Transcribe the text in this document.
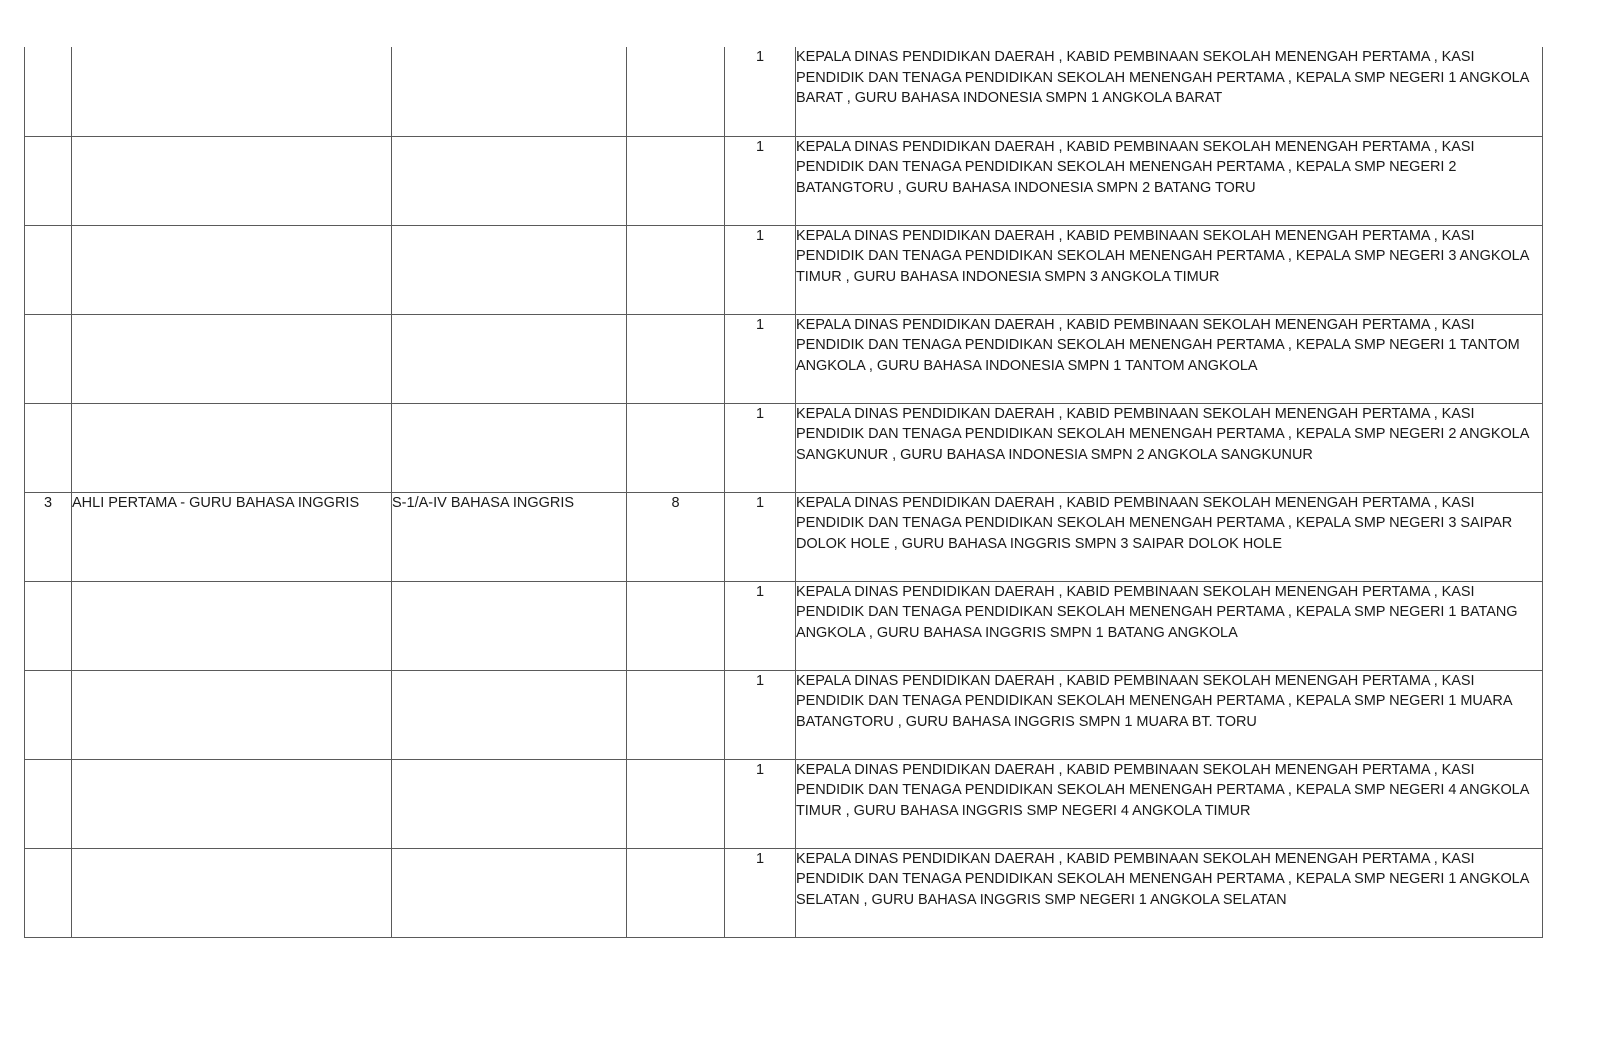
				1	KEPALA DINAS PENDIDIKAN DAERAH , KABID PEMBINAAN SEKOLAH MENENGAH PERTAMA , KASI PENDIDIK DAN TENAGA PENDIDIKAN SEKOLAH MENENGAH PERTAMA , KEPALA SMP NEGERI 1 ANGKOLA BARAT , GURU BAHASA INDONESIA SMPN 1 ANGKOLA BARAT
				1	KEPALA DINAS PENDIDIKAN DAERAH , KABID PEMBINAAN SEKOLAH MENENGAH PERTAMA , KASI PENDIDIK DAN TENAGA PENDIDIKAN SEKOLAH MENENGAH PERTAMA , KEPALA SMP NEGERI 2 BATANGTORU , GURU BAHASA INDONESIA SMPN 2 BATANG TORU
				1	KEPALA DINAS PENDIDIKAN DAERAH , KABID PEMBINAAN SEKOLAH MENENGAH PERTAMA , KASI PENDIDIK DAN TENAGA PENDIDIKAN SEKOLAH MENENGAH PERTAMA , KEPALA SMP NEGERI 3 ANGKOLA TIMUR , GURU BAHASA INDONESIA SMPN 3 ANGKOLA TIMUR
				1	KEPALA DINAS PENDIDIKAN DAERAH , KABID PEMBINAAN SEKOLAH MENENGAH PERTAMA , KASI PENDIDIK DAN TENAGA PENDIDIKAN SEKOLAH MENENGAH PERTAMA , KEPALA SMP NEGERI 1 TANTOM ANGKOLA , GURU BAHASA INDONESIA SMPN 1 TANTOM ANGKOLA
				1	KEPALA DINAS PENDIDIKAN DAERAH , KABID PEMBINAAN SEKOLAH MENENGAH PERTAMA , KASI PENDIDIK DAN TENAGA PENDIDIKAN SEKOLAH MENENGAH PERTAMA , KEPALA SMP NEGERI 2 ANGKOLA SANGKUNUR , GURU BAHASA INDONESIA SMPN 2 ANGKOLA SANGKUNUR
3	AHLI PERTAMA - GURU BAHASA INGGRIS	S-1/A-IV BAHASA INGGRIS	8	1	KEPALA DINAS PENDIDIKAN DAERAH , KABID PEMBINAAN SEKOLAH MENENGAH PERTAMA , KASI PENDIDIK DAN TENAGA PENDIDIKAN SEKOLAH MENENGAH PERTAMA , KEPALA SMP NEGERI 3 SAIPAR DOLOK HOLE , GURU BAHASA INGGRIS SMPN 3 SAIPAR DOLOK HOLE
				1	KEPALA DINAS PENDIDIKAN DAERAH , KABID PEMBINAAN SEKOLAH MENENGAH PERTAMA , KASI PENDIDIK DAN TENAGA PENDIDIKAN SEKOLAH MENENGAH PERTAMA , KEPALA SMP NEGERI 1 BATANG ANGKOLA , GURU BAHASA INGGRIS SMPN 1 BATANG ANGKOLA
				1	KEPALA DINAS PENDIDIKAN DAERAH , KABID PEMBINAAN SEKOLAH MENENGAH PERTAMA , KASI PENDIDIK DAN TENAGA PENDIDIKAN SEKOLAH MENENGAH PERTAMA , KEPALA SMP NEGERI 1 MUARA BATANGTORU , GURU BAHASA INGGRIS SMPN 1 MUARA BT. TORU
				1	KEPALA DINAS PENDIDIKAN DAERAH , KABID PEMBINAAN SEKOLAH MENENGAH PERTAMA , KASI PENDIDIK DAN TENAGA PENDIDIKAN SEKOLAH MENENGAH PERTAMA , KEPALA SMP NEGERI 4 ANGKOLA TIMUR , GURU BAHASA INGGRIS SMP NEGERI 4 ANGKOLA TIMUR
				1	KEPALA DINAS PENDIDIKAN DAERAH , KABID PEMBINAAN SEKOLAH MENENGAH PERTAMA , KASI PENDIDIK DAN TENAGA PENDIDIKAN SEKOLAH MENENGAH PERTAMA , KEPALA SMP NEGERI 1 ANGKOLA SELATAN , GURU BAHASA INGGRIS SMP NEGERI 1 ANGKOLA SELATAN
